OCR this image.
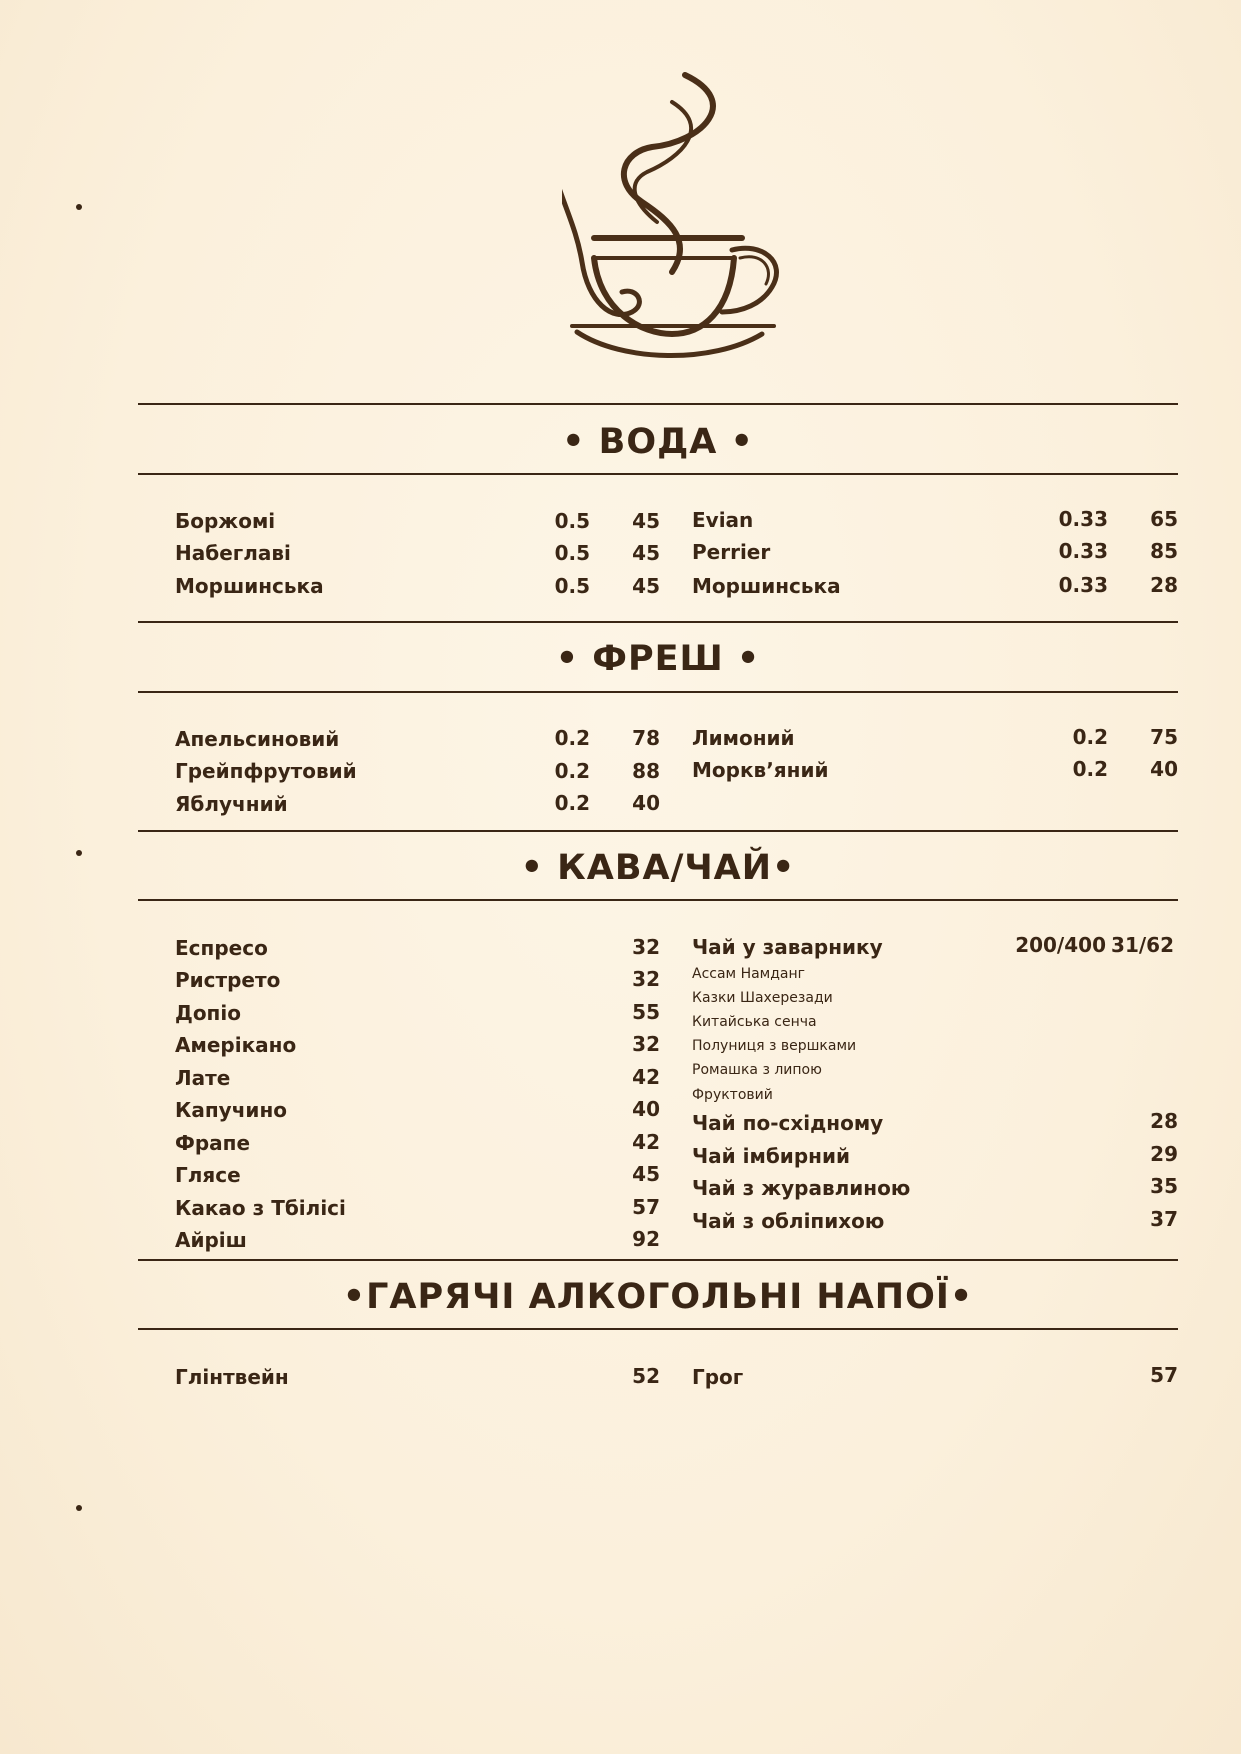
• ВОДА •
Боржомі	0.5	45
Набеглаві	0.5	45
Моршинська	0.5	45
Evian	0.33	65
Perrier	0.33	85
Моршинська	0.33	28
• ФРЕШ •
Апельсиновий	0.2	78
Грейпфрутовий	0.2	88
Яблучний	0.2	40
Лимоний	0.2	75
Морквʼяний	0.2	40
• КАВА/ЧАЙ•
Еспресо	32
Ристрето	32
Допіо	55
Амерікано	32
Лате	42
Капучино	40
Фрапе	42
Глясе	45
Какао з Тбілісі	57
Айріш	92
Чай у заварнику	200/400 31/62
Ассам Намданг
Казки Шахерезади
Китайська сенча
Полуниця з вершками
Ромашка з липою
Фруктовий
Чай по-східному	28
Чай імбирний	29
Чай з журавлиною	35
Чай з обліпихою	37
•ГАРЯЧІ АЛКОГОЛЬНІ НАПОЇ•
Глінтвейн	52 Грог	57
